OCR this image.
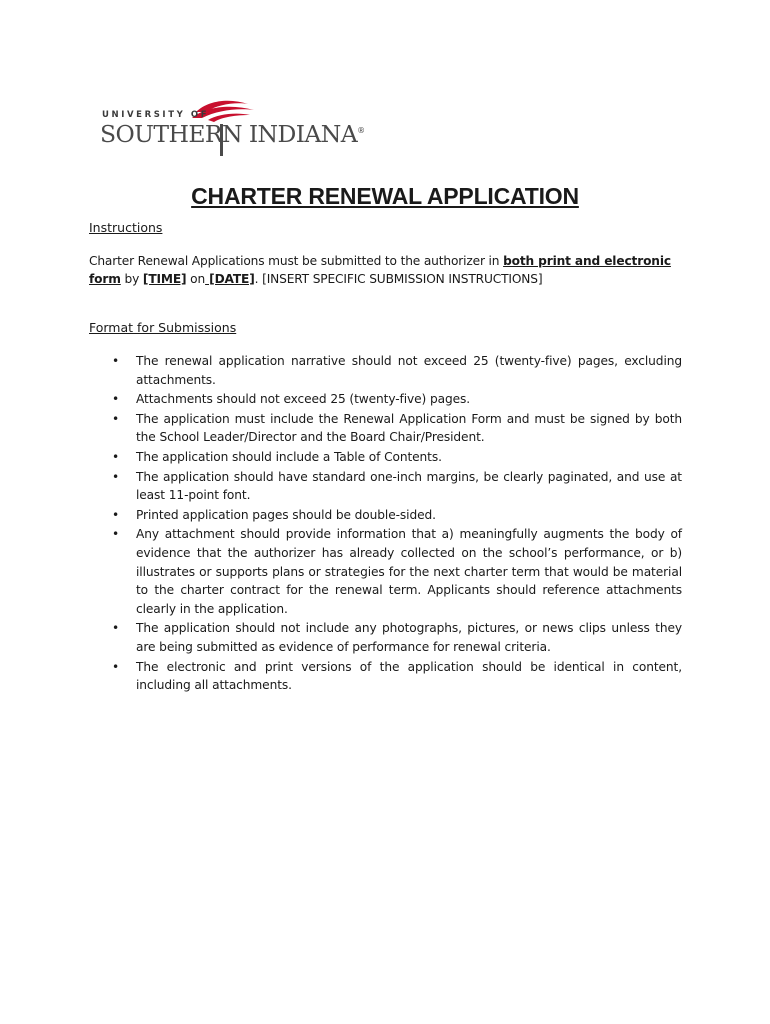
UNIVERSITY OF
SOUTHERN INDIANA®
CHARTER RENEWAL APPLICATION
Instructions
Charter Renewal Applications must be submitted to the authorizer in both print and electronic form by [TIME] on [DATE]. [INSERT SPECIFIC SUBMISSION INSTRUCTIONS]
Format for Submissions
• The renewal application narrative should not exceed 25 (twenty-five) pages, excluding attachments.
• Attachments should not exceed 25 (twenty-five) pages.
• The application must include the Renewal Application Form and must be signed by both the School Leader/Director and the Board Chair/President.
• The application should include a Table of Contents.
• The application should have standard one-inch margins, be clearly paginated, and use at least 11-point font.
• Printed application pages should be double-sided.
• Any attachment should provide information that a) meaningfully augments the body of evidence that the authorizer has already collected on the school’s performance, or b) illustrates or supports plans or strategies for the next charter term that would be material to the charter contract for the renewal term. Applicants should reference attachments clearly in the application.
• The application should not include any photographs, pictures, or news clips unless they are being submitted as evidence of performance for renewal criteria.
• The electronic and print versions of the application should be identical in content, including all attachments.
